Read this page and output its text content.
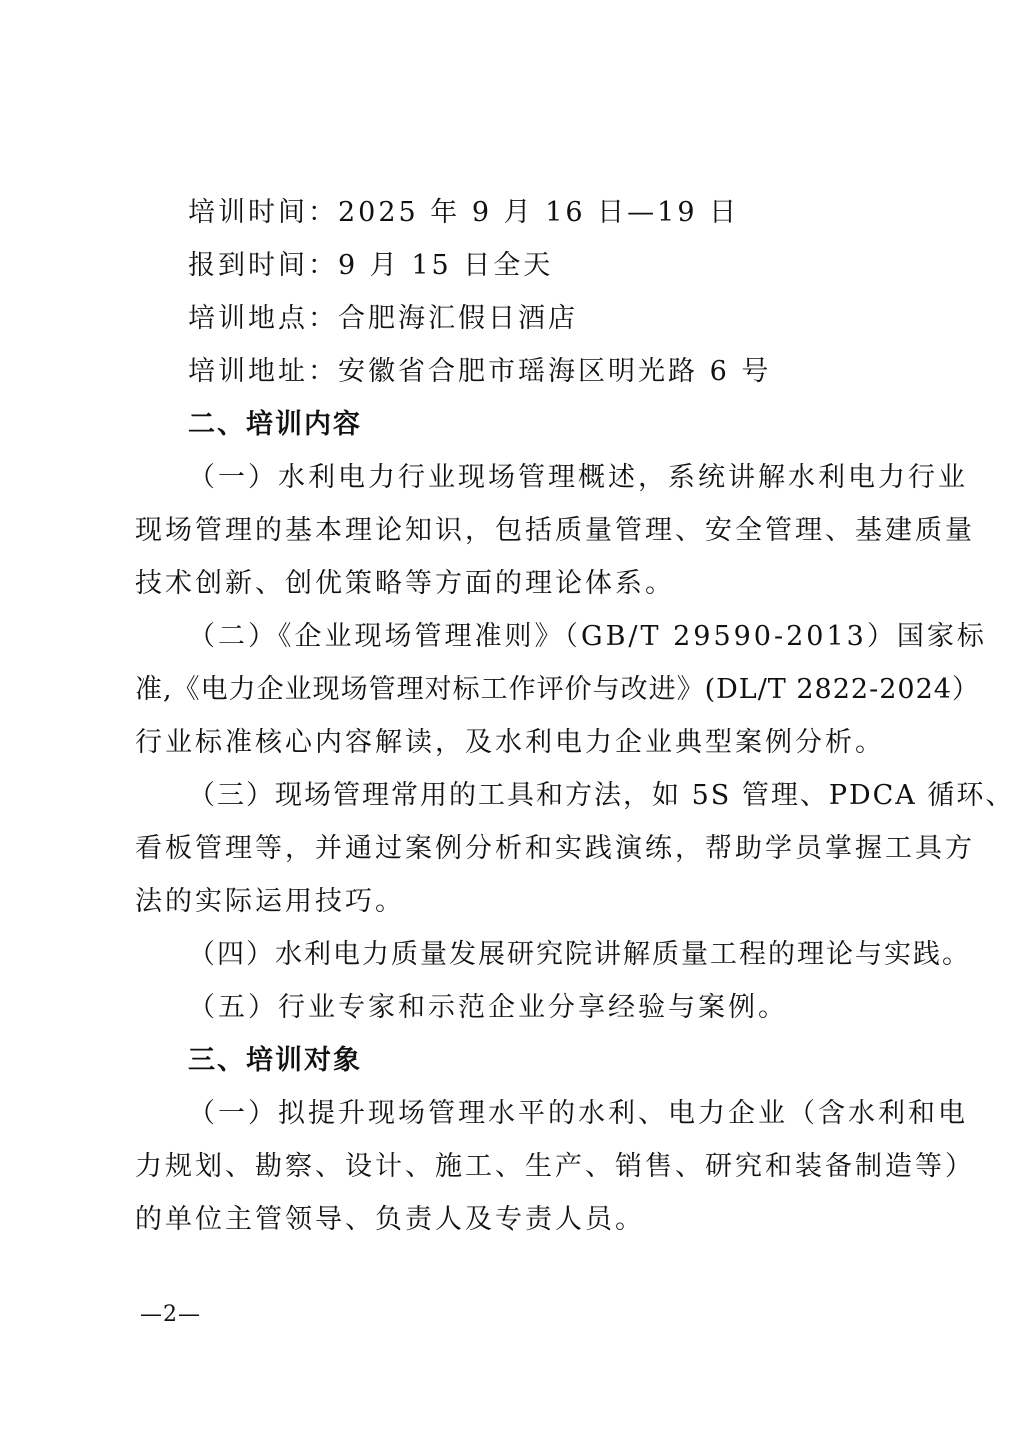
培训时间：2025 年 9 月 16 日—19 日
报到时间：9 月 15 日全天
培训地点：合肥海汇假日酒店
培训地址：安徽省合肥市瑶海区明光路 6 号
二、培训内容
（一）水利电力行业现场管理概述，系统讲解水利电力行业
现场管理的基本理论知识，包括质量管理、安全管理、基建质量
技术创新、创优策略等方面的理论体系。
（二）《企业现场管理准则》（GB/T 29590-2013）国家标
准,《电力企业现场管理对标工作评价与改进》(DL/T 2822-2024）
行业标准核心内容解读，及水利电力企业典型案例分析。
（三）现场管理常用的工具和方法，如 5S 管理、PDCA 循环、
看板管理等，并通过案例分析和实践演练，帮助学员掌握工具方
法的实际运用技巧。
（四）水利电力质量发展研究院讲解质量工程的理论与实践。
（五）行业专家和示范企业分享经验与案例。
三、培训对象
（一）拟提升现场管理水平的水利、电力企业（含水利和电
力规划、勘察、设计、施工、生产、销售、研究和装备制造等）
的单位主管领导、负责人及专责人员。
—2—
